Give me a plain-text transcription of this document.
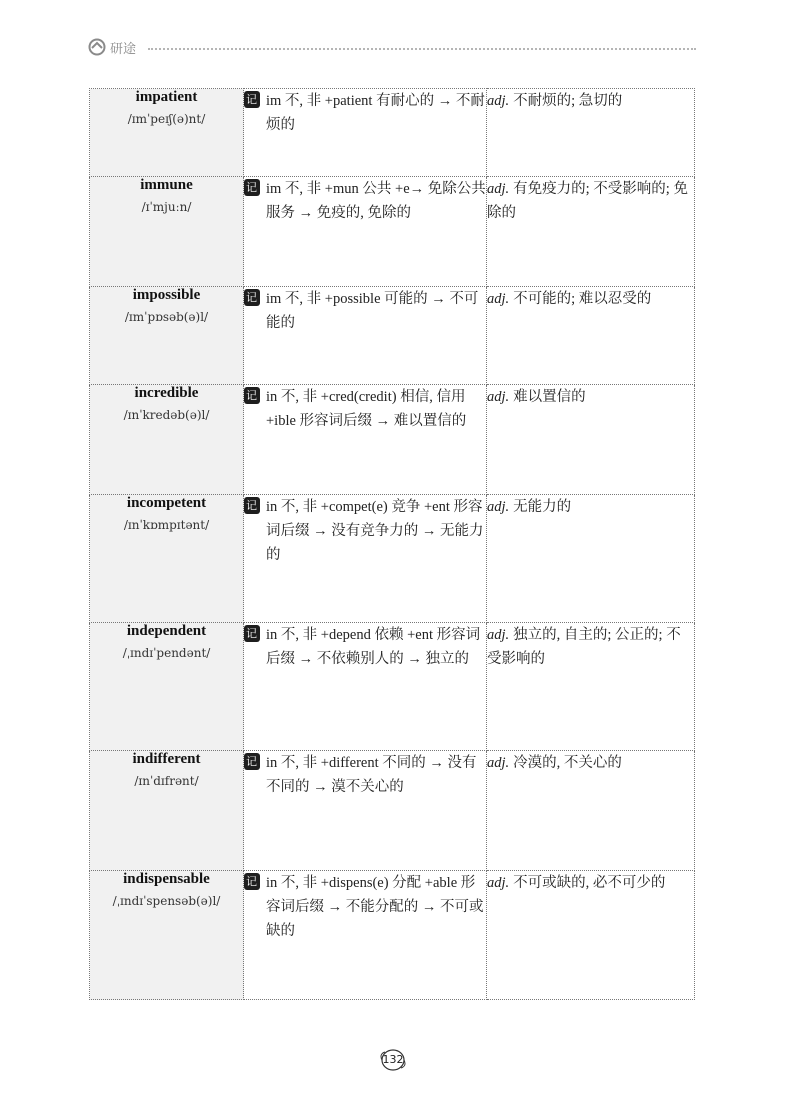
研途
impatient
/ɪmˈpeɪʃ(ə)nt/

记
im 不, 非 +patient 有耐心的 → 不耐烦的	adj. 不耐烦的; 急切的

immune
/ɪˈmjuːn/

记
im 不, 非 +mun 公共 +e→ 免除公共服务 → 免疫的, 免除的	adj. 有免疫力的; 不受影响的; 免除的

impossible
/ɪmˈpɒsəb(ə)l/

记
im 不, 非 +possible 可能的 → 不可能的	adj. 不可能的; 难以忍受的

incredible
/ɪnˈkredəb(ə)l/

记
in 不, 非 +cred(credit) 相信, 信用 +ible 形容词后缀 → 难以置信的	adj. 难以置信的

incompetent
/ɪnˈkɒmpɪtənt/

记
in 不, 非 +compet(e) 竞争 +ent 形容词后缀 → 没有竞争力的 → 无能力的	adj. 无能力的

independent
/ˌɪndɪˈpendənt/

记
in 不, 非 +depend 依赖 +ent 形容词后缀 → 不依赖别人的 → 独立的	adj. 独立的, 自主的; 公正的; 不受影响的

indifferent
/ɪnˈdɪfrənt/

记
in 不, 非 +different 不同的 → 没有不同的 → 漠不关心的	adj. 冷漠的, 不关心的

indispensable
/ˌɪndɪˈspensəb(ə)l/

记
in 不, 非 +dispens(e) 分配 +able 形容词后缀 → 不能分配的 → 不可或缺的	adj. 不可或缺的, 必不可少的
132
